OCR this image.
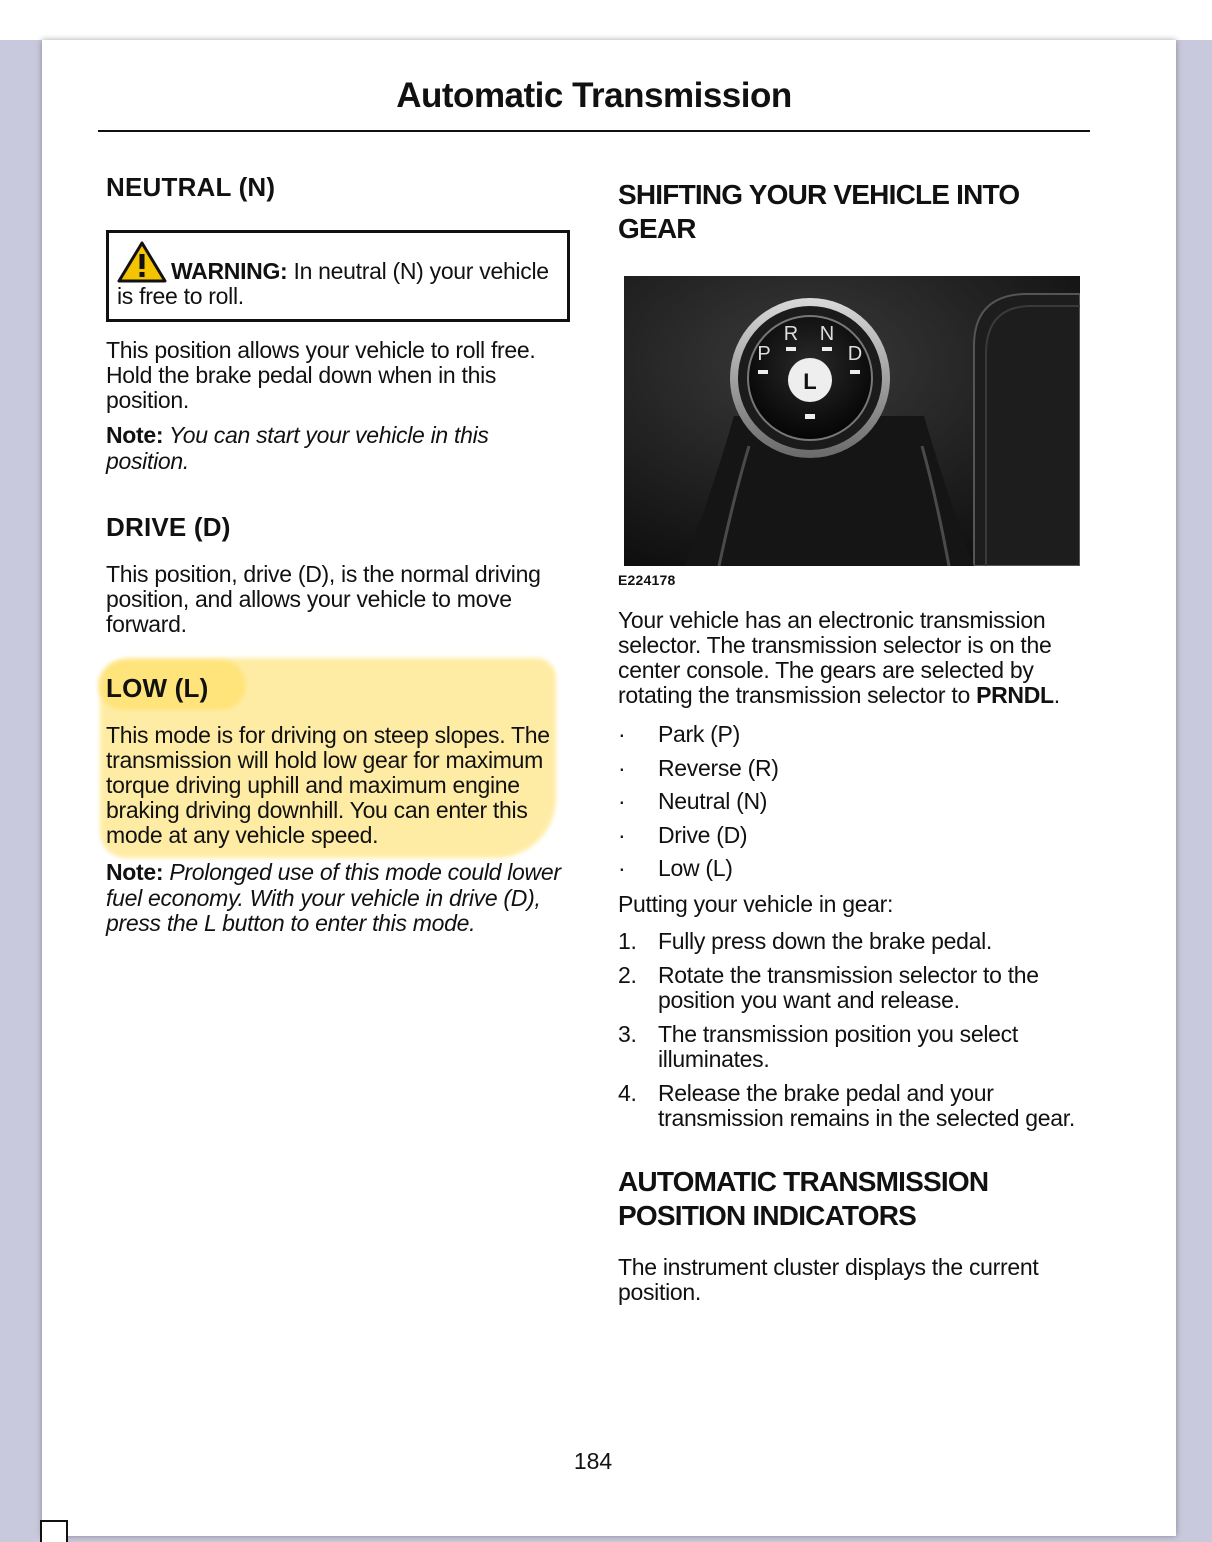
Automatic Transmission
NEUTRAL (N)

WARNING: In neutral (N) your vehicle is free to roll.

This position allows your vehicle to roll free. Hold the brake pedal down when in this position.

Note: You can start your vehicle in this position.

DRIVE (D)

This position, drive (D), is the normal driving position, and allows your vehicle to move forward.

LOW (L)

This mode is for driving on steep slopes. The transmission will hold low gear for maximum torque driving uphill and maximum engine braking driving downhill. You can enter this mode at any vehicle speed.

Note: Prolonged use of this mode could lower fuel economy. With your vehicle in drive (D), press the L button to enter this mode.

SHIFTING YOUR VEHICLE INTO
GEAR
L
P
R N
D

E224178

Your vehicle has an electronic transmission selector. The transmission selector is on the center console. The gears are selected by rotating the transmission selector to PRNDL.

·	Park (P)
·	Reverse (R)
·	Neutral (N)
·	Drive (D)
·	Low (L)

Putting your vehicle in gear:

1. Fully press down the brake pedal.
2. Rotate the transmission selector to the position you want and release.
3. The transmission position you select illuminates.
4. Release the brake pedal and your transmission remains in the selected gear.
AUTOMATIC TRANSMISSION
POSITION INDICATORS

The instrument cluster displays the current position.

184
